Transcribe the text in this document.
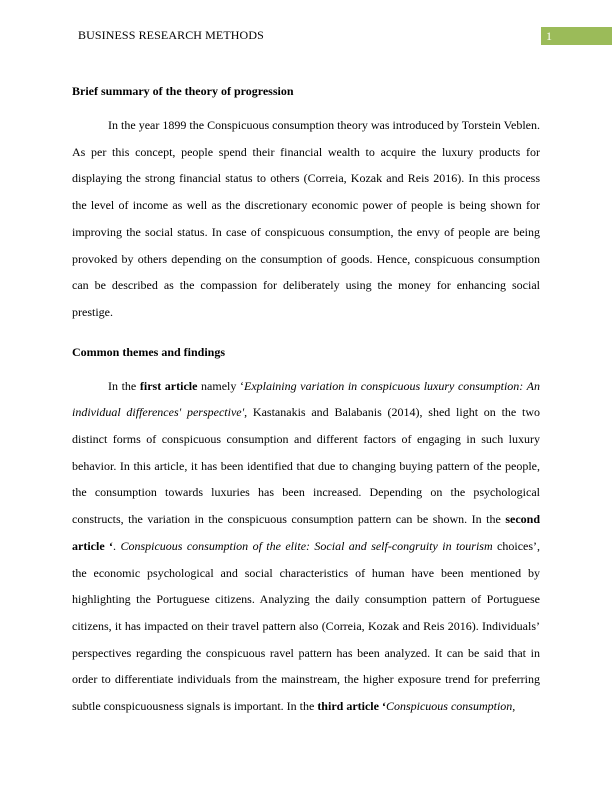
BUSINESS RESEARCH METHODS	1

Brief summary of the theory of progression

In the year 1899 the Conspicuous consumption theory was introduced by Torstein Veblen. As per this concept, people spend their financial wealth to acquire the luxury products for displaying the strong financial status to others (Correia, Kozak and Reis 2016). In this process the level of income as well as the discretionary economic power of people is being shown for improving the social status. In case of conspicuous consumption, the envy of people are being provoked by others depending on the consumption of goods. Hence, conspicuous consumption can be described as the compassion for deliberately using the money for enhancing social prestige.

Common themes and findings

In the first article namely ‘Explaining variation in conspicuous luxury consumption: An individual differences' perspective', Kastanakis and Balabanis (2014), shed light on the two distinct forms of conspicuous consumption and different factors of engaging in such luxury behavior. In this article, it has been identified that due to changing buying pattern of the people, the consumption towards luxuries has been increased. Depending on the psychological constructs, the variation in the conspicuous consumption pattern can be shown. In the second article ‘. Conspicuous consumption of the elite: Social and self-congruity in tourism choices’, the economic psychological and social characteristics of human have been mentioned by highlighting the Portuguese citizens. Analyzing the daily consumption pattern of Portuguese citizens, it has impacted on their travel pattern also (Correia, Kozak and Reis 2016). Individuals’ perspectives regarding the conspicuous ravel pattern has been analyzed. It can be said that in order to differentiate individuals from the mainstream, the higher exposure trend for preferring subtle conspicuousness signals is important. In the third article ‘Conspicuous consumption,
